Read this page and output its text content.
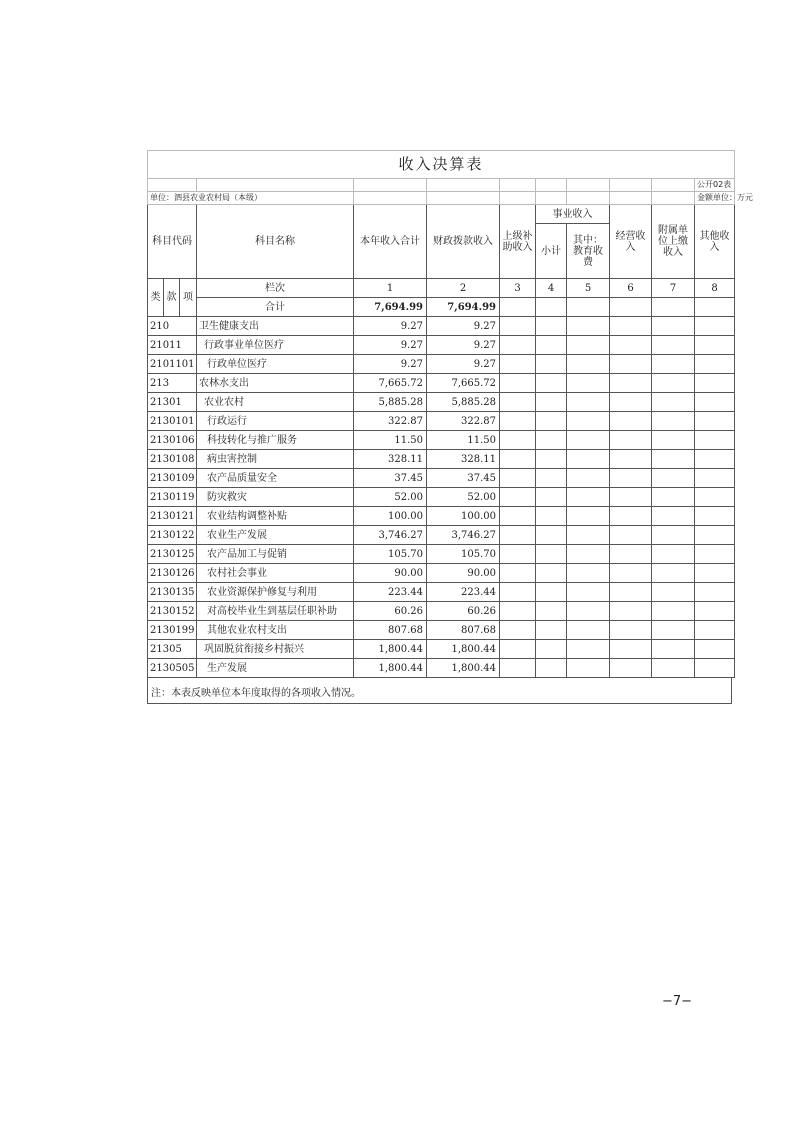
收入决算表											
											公开02表
单位：泗县农业农村局（本级）											金额单位：万元
科目代码			科目名称	本年收入合计	财政拨款收入	上级补助收入	事业收入		经营收入	附属单位上缴收入	其他收入
							小计	其中：教育收费			

类	款	项	栏次	1	2	3	4	5	6	7	8
			合计	7,694.99	7,694.99						
210			卫生健康支出	9.27	9.27						
21011			行政事业单位医疗	9.27	9.27						
2101101			行政单位医疗	9.27	9.27						
213			农林水支出	7,665.72	7,665.72						
21301			农业农村	5,885.28	5,885.28						
2130101			行政运行	322.87	322.87						
2130106			科技转化与推广服务	11.50	11.50						
2130108			病虫害控制	328.11	328.11						
2130109			农产品质量安全	37.45	37.45						
2130119			防灾救灾	52.00	52.00						
2130121			农业结构调整补贴	100.00	100.00						
2130122			农业生产发展	3,746.27	3,746.27						
2130125			农产品加工与促销	105.70	105.70						
2130126			农村社会事业	90.00	90.00						
2130135			农业资源保护修复与利用	223.44	223.44						
2130152			对高校毕业生到基层任职补助	60.26	60.26						
2130199			其他农业农村支出	807.68	807.68						
21305			巩固脱贫衔接乡村振兴	1,800.44	1,800.44						
2130505			生产发展	1,800.44	1,800.44						
注：本表反映单位本年度取得的各项收入情况。
−7−
